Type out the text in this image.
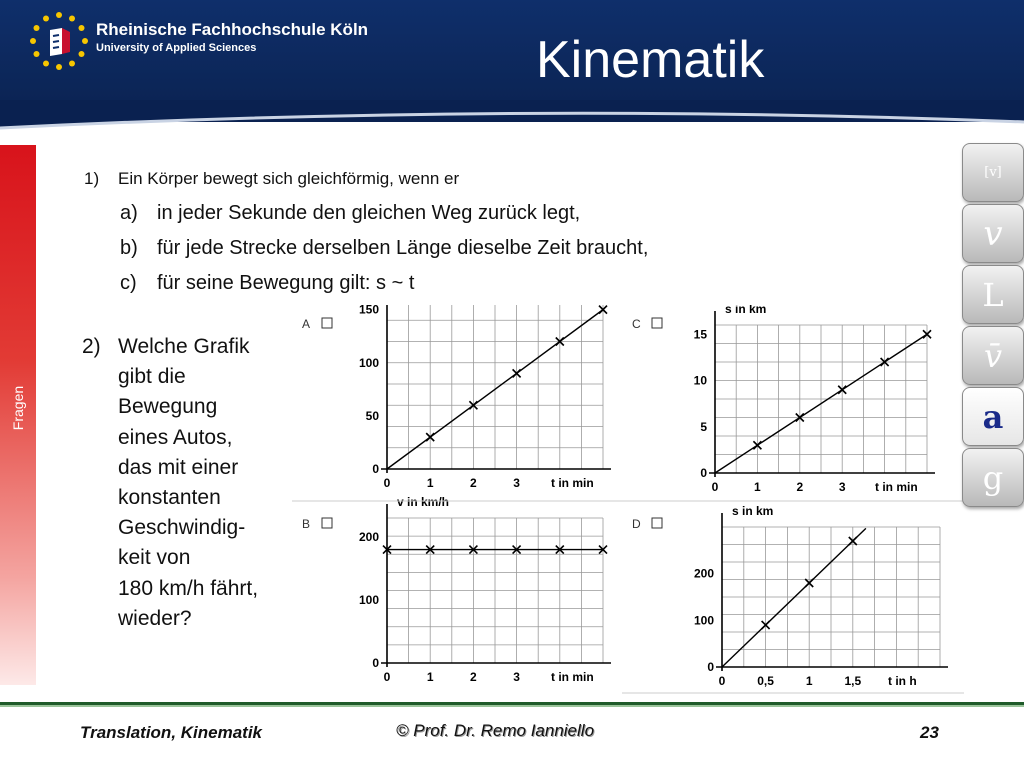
Rheinische Fachhochschule Köln
University of Applied Sciences	Kinematik
Fragen
1) Ein Körper bewegt sich gleichförmig, wenn er
a) in jeder Sekunde den gleichen Weg zurück legt,
b) für jede Strecke derselben Länge dieselbe Zeit braucht,
c) für seine Bewegung gilt: s ~ t
2) Welche Grafik
gibt die
Bewegung
eines Autos,
das mit einer
konstanten
Geschwindig-
keit von
180 km/h fährt,
wieder?
A
t in min
0	1	2	3
50
100
150
0
C
s in km
t in min
0	1	2	3
5
10
15
0
B
v in km/h
t in min
0	1	2	3
100
200
0
D
s in km
t in h
0	0,5	1	1,5
100
200
0
[v]
𝑣
Ⅼ
𝑣̄
a
g
Translation, Kinematik	© Prof. Dr. Remo Ianniello	23
